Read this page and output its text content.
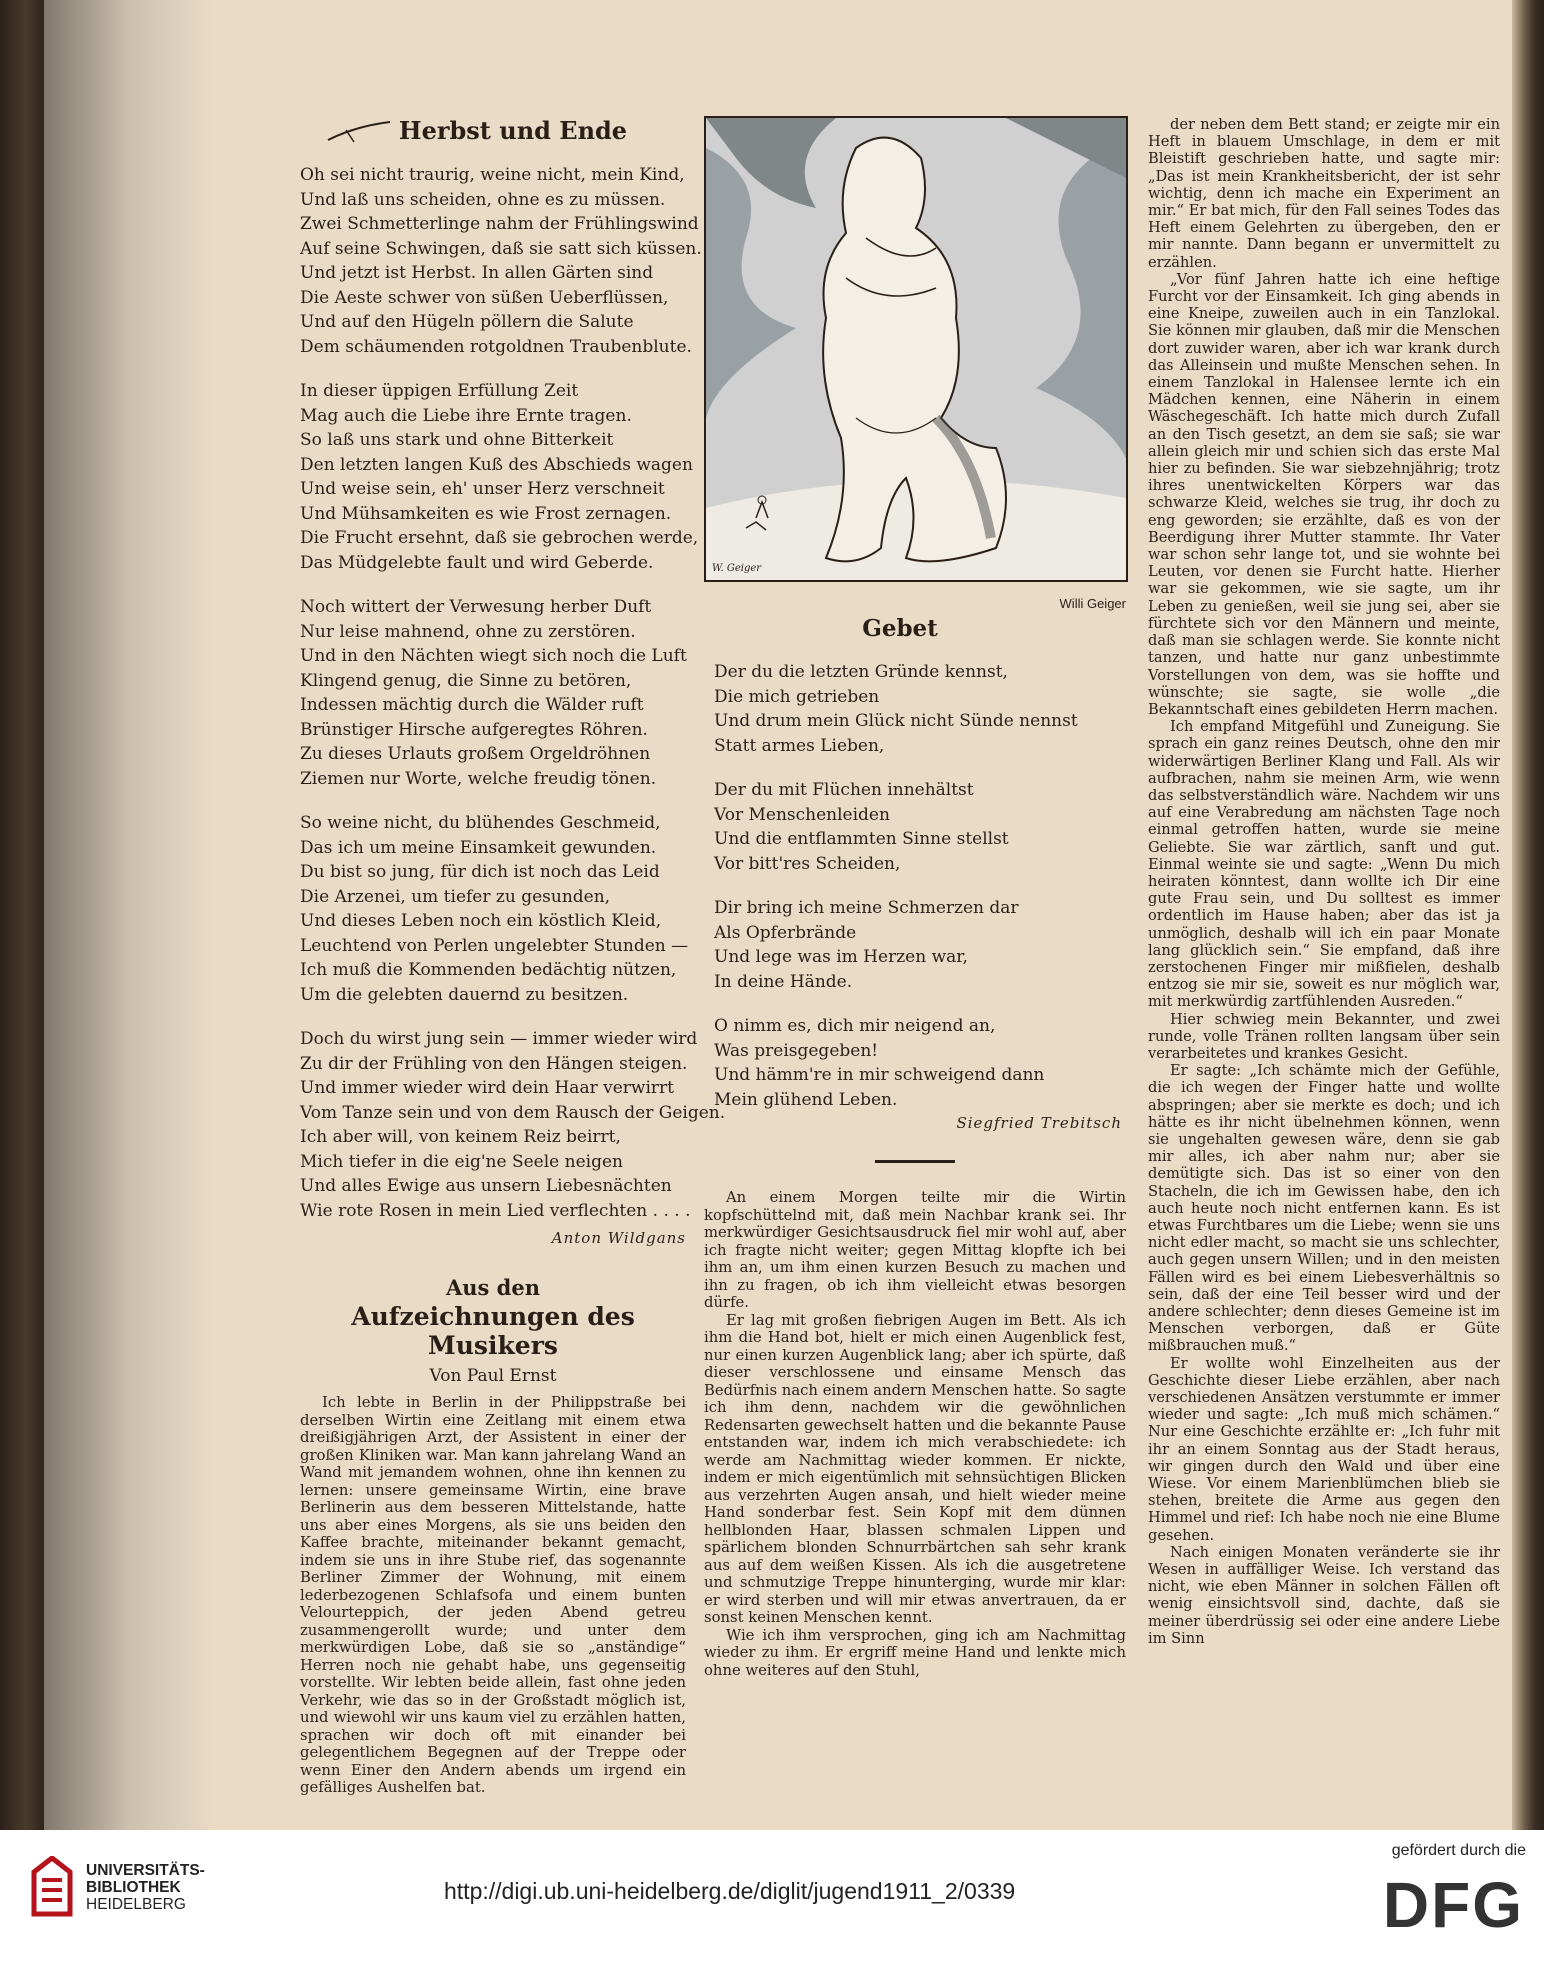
Herbst und Ende
Oh sei nicht traurig, weine nicht, mein Kind,
Und laß uns scheiden, ohne es zu müssen.
Zwei Schmetterlinge nahm der Frühlingswind
Auf seine Schwingen, daß sie satt sich küssen.
Und jetzt ist Herbst. In allen Gärten sind
Die Aeste schwer von süßen Ueberflüssen,
Und auf den Hügeln pöllern die Salute
Dem schäumenden rotgoldnen Traubenblute.
In dieser üppigen Erfüllung Zeit
Mag auch die Liebe ihre Ernte tragen.
So laß uns stark und ohne Bitterkeit
Den letzten langen Kuß des Abschieds wagen
Und weise sein, eh' unser Herz verschneit
Und Mühsamkeiten es wie Frost zernagen.
Die Frucht ersehnt, daß sie gebrochen werde,
Das Müdgelebte fault und wird Geberde.
Noch wittert der Verwesung herber Duft
Nur leise mahnend, ohne zu zerstören.
Und in den Nächten wiegt sich noch die Luft
Klingend genug, die Sinne zu betören,
Indessen mächtig durch die Wälder ruft
Brünstiger Hirsche aufgeregtes Röhren.
Zu dieses Urlauts großem Orgeldröhnen
Ziemen nur Worte, welche freudig tönen.
So weine nicht, du blühendes Geschmeid,
Das ich um meine Einsamkeit gewunden.
Du bist so jung, für dich ist noch das Leid
Die Arzenei, um tiefer zu gesunden,
Und dieses Leben noch ein köstlich Kleid,
Leuchtend von Perlen ungelebter Stunden —
Ich muß die Kommenden bedächtig nützen,
Um die gelebten dauernd zu besitzen.
Doch du wirst jung sein — immer wieder wird
Zu dir der Frühling von den Hängen steigen.
Und immer wieder wird dein Haar verwirrt
Vom Tanze sein und von dem Rausch der Geigen.
Ich aber will, von keinem Reiz beirrt,
Mich tiefer in die eig'ne Seele neigen
Und alles Ewige aus unsern Liebesnächten
Wie rote Rosen in mein Lied verflechten . . . .
Anton Wildgans
Aus den
Aufzeichnungen des Musikers
Von Paul Ernst

Ich lebte in Berlin in der Philippstraße bei derselben Wirtin eine Zeitlang mit einem etwa dreißigjährigen Arzt, der Assistent in einer der großen Kliniken war. Man kann jahrelang Wand an Wand mit jemandem wohnen, ohne ihn kennen zu lernen: unsere gemeinsame Wirtin, eine brave Berlinerin aus dem besseren Mittelstande, hatte uns aber eines Morgens, als sie uns beiden den Kaffee brachte, miteinander bekannt gemacht, indem sie uns in ihre Stube rief, das sogenannte Berliner Zimmer der Wohnung, mit einem lederbezogenen Schlafsofa und einem bunten Velourteppich, der jeden Abend getreu zusammengerollt wurde; und unter dem merkwürdigen Lobe, daß sie so „anständige“ Herren noch nie gehabt habe, uns gegenseitig vorstellte. Wir lebten beide allein, fast ohne jeden Verkehr, wie das so in der Großstadt möglich ist, und wiewohl wir uns kaum viel zu erzählen hatten, sprachen wir doch oft mit einander bei gelegentlichem Begegnen auf der Treppe oder wenn Einer den Andern abends um irgend ein gefälliges Aushelfen bat.

W. Geiger
Willi Geiger
Gebet
Der du die letzten Gründe kennst,
Die mich getrieben
Und drum mein Glück nicht Sünde nennst
Statt armes Lieben,
Der du mit Flüchen innehältst
Vor Menschenleiden
Und die entflammten Sinne stellst
Vor bitt'res Scheiden,
Dir bring ich meine Schmerzen dar
Als Opferbrände
Und lege was im Herzen war,
In deine Hände.
O nimm es, dich mir neigend an,
Was preisgegeben!
Und hämm're in mir schweigend dann
Mein glühend Leben.
Siegfried Trebitsch

An einem Morgen teilte mir die Wirtin kopfschüttelnd mit, daß mein Nachbar krank sei. Ihr merkwürdiger Gesichtsausdruck fiel mir wohl auf, aber ich fragte nicht weiter; gegen Mittag klopfte ich bei ihm an, um ihm einen kurzen Besuch zu machen und ihn zu fragen, ob ich ihm vielleicht etwas besorgen dürfe.

Er lag mit großen fiebrigen Augen im Bett. Als ich ihm die Hand bot, hielt er mich einen Augenblick fest, nur einen kurzen Augenblick lang; aber ich spürte, daß dieser verschlossene und einsame Mensch das Bedürfnis nach einem andern Menschen hatte. So sagte ich ihm denn, nachdem wir die gewöhnlichen Redensarten gewechselt hatten und die bekannte Pause entstanden war, indem ich mich verabschiedete: ich werde am Nachmittag wieder kommen. Er nickte, indem er mich eigentümlich mit sehnsüchtigen Blicken aus verzehrten Augen ansah, und hielt wieder meine Hand sonderbar fest. Sein Kopf mit dem dünnen hellblonden Haar, blassen schmalen Lippen und spärlichem blonden Schnurrbärtchen sah sehr krank aus auf dem weißen Kissen. Als ich die ausgetretene und schmutzige Treppe hinunterging, wurde mir klar: er wird sterben und will mir etwas anvertrauen, da er sonst keinen Menschen kennt.

Wie ich ihm versprochen, ging ich am Nachmittag wieder zu ihm. Er ergriff meine Hand und lenkte mich ohne weiteres auf den Stuhl,

der neben dem Bett stand; er zeigte mir ein Heft in blauem Umschlage, in dem er mit Bleistift geschrieben hatte, und sagte mir: „Das ist mein Krankheitsbericht, der ist sehr wichtig, denn ich mache ein Experiment an mir.“ Er bat mich, für den Fall seines Todes das Heft einem Gelehrten zu übergeben, den er mir nannte. Dann begann er unvermittelt zu erzählen.

„Vor fünf Jahren hatte ich eine heftige Furcht vor der Einsamkeit. Ich ging abends in eine Kneipe, zuweilen auch in ein Tanzlokal. Sie können mir glauben, daß mir die Menschen dort zuwider waren, aber ich war krank durch das Alleinsein und mußte Menschen sehen. In einem Tanzlokal in Halensee lernte ich ein Mädchen kennen, eine Näherin in einem Wäschegeschäft. Ich hatte mich durch Zufall an den Tisch gesetzt, an dem sie saß; sie war allein gleich mir und schien sich das erste Mal hier zu befinden. Sie war siebzehnjährig; trotz ihres unentwickelten Körpers war das schwarze Kleid, welches sie trug, ihr doch zu eng geworden; sie erzählte, daß es von der Beerdigung ihrer Mutter stammte. Ihr Vater war schon sehr lange tot, und sie wohnte bei Leuten, vor denen sie Furcht hatte. Hierher war sie gekommen, wie sie sagte, um ihr Leben zu genießen, weil sie jung sei, aber sie fürchtete sich vor den Männern und meinte, daß man sie schlagen werde. Sie konnte nicht tanzen, und hatte nur ganz unbestimmte Vorstellungen von dem, was sie hoffte und wünschte; sie sagte, sie wolle „die Bekanntschaft eines gebildeten Herrn machen.

Ich empfand Mitgefühl und Zuneigung. Sie sprach ein ganz reines Deutsch, ohne den mir widerwärtigen Berliner Klang und Fall. Als wir aufbrachen, nahm sie meinen Arm, wie wenn das selbstverständlich wäre. Nachdem wir uns auf eine Verabredung am nächsten Tage noch einmal getroffen hatten, wurde sie meine Geliebte. Sie war zärtlich, sanft und gut. Einmal weinte sie und sagte: „Wenn Du mich heiraten könntest, dann wollte ich Dir eine gute Frau sein, und Du solltest es immer ordentlich im Hause haben; aber das ist ja unmöglich, deshalb will ich ein paar Monate lang glücklich sein.“ Sie empfand, daß ihre zerstochenen Finger mir mißfielen, deshalb entzog sie mir sie, soweit es nur möglich war, mit merkwürdig zartfühlenden Ausreden.“

Hier schwieg mein Bekannter, und zwei runde, volle Tränen rollten langsam über sein verarbeitetes und krankes Gesicht.

Er sagte: „Ich schämte mich der Gefühle, die ich wegen der Finger hatte und wollte abspringen; aber sie merkte es doch; und ich hätte es ihr nicht übelnehmen können, wenn sie ungehalten gewesen wäre, denn sie gab mir alles, ich aber nahm nur; aber sie demütigte sich. Das ist so einer von den Stacheln, die ich im Gewissen habe, den ich auch heute noch nicht entfernen kann. Es ist etwas Furchtbares um die Liebe; wenn sie uns nicht edler macht, so macht sie uns schlechter, auch gegen unsern Willen; und in den meisten Fällen wird es bei einem Liebesverhältnis so sein, daß der eine Teil besser wird und der andere schlechter; denn dieses Gemeine ist im Menschen verborgen, daß er Güte mißbrauchen muß.“

Er wollte wohl Einzelheiten aus der Geschichte dieser Liebe erzählen, aber nach verschiedenen Ansätzen verstummte er immer wieder und sagte: „Ich muß mich schämen.“ Nur eine Geschichte erzählte er: „Ich fuhr mit ihr an einem Sonntag aus der Stadt heraus, wir gingen durch den Wald und über eine Wiese. Vor einem Marienblümchen blieb sie stehen, breitete die Arme aus gegen den Himmel und rief: Ich habe noch nie eine Blume gesehen.

Nach einigen Monaten veränderte sie ihr Wesen in auffälliger Weise. Ich verstand das nicht, wie eben Männer in solchen Fällen oft wenig einsichtsvoll sind, dachte, daß sie meiner überdrüssig sei oder eine andere Liebe im Sinn

UNIVERSITÄTS-
BIBLIOTHEK
HEIDELBERG	http://digi.ub.uni-heidelberg.de/diglit/jugend1911_2/0339
gefördert durch die
DFG
